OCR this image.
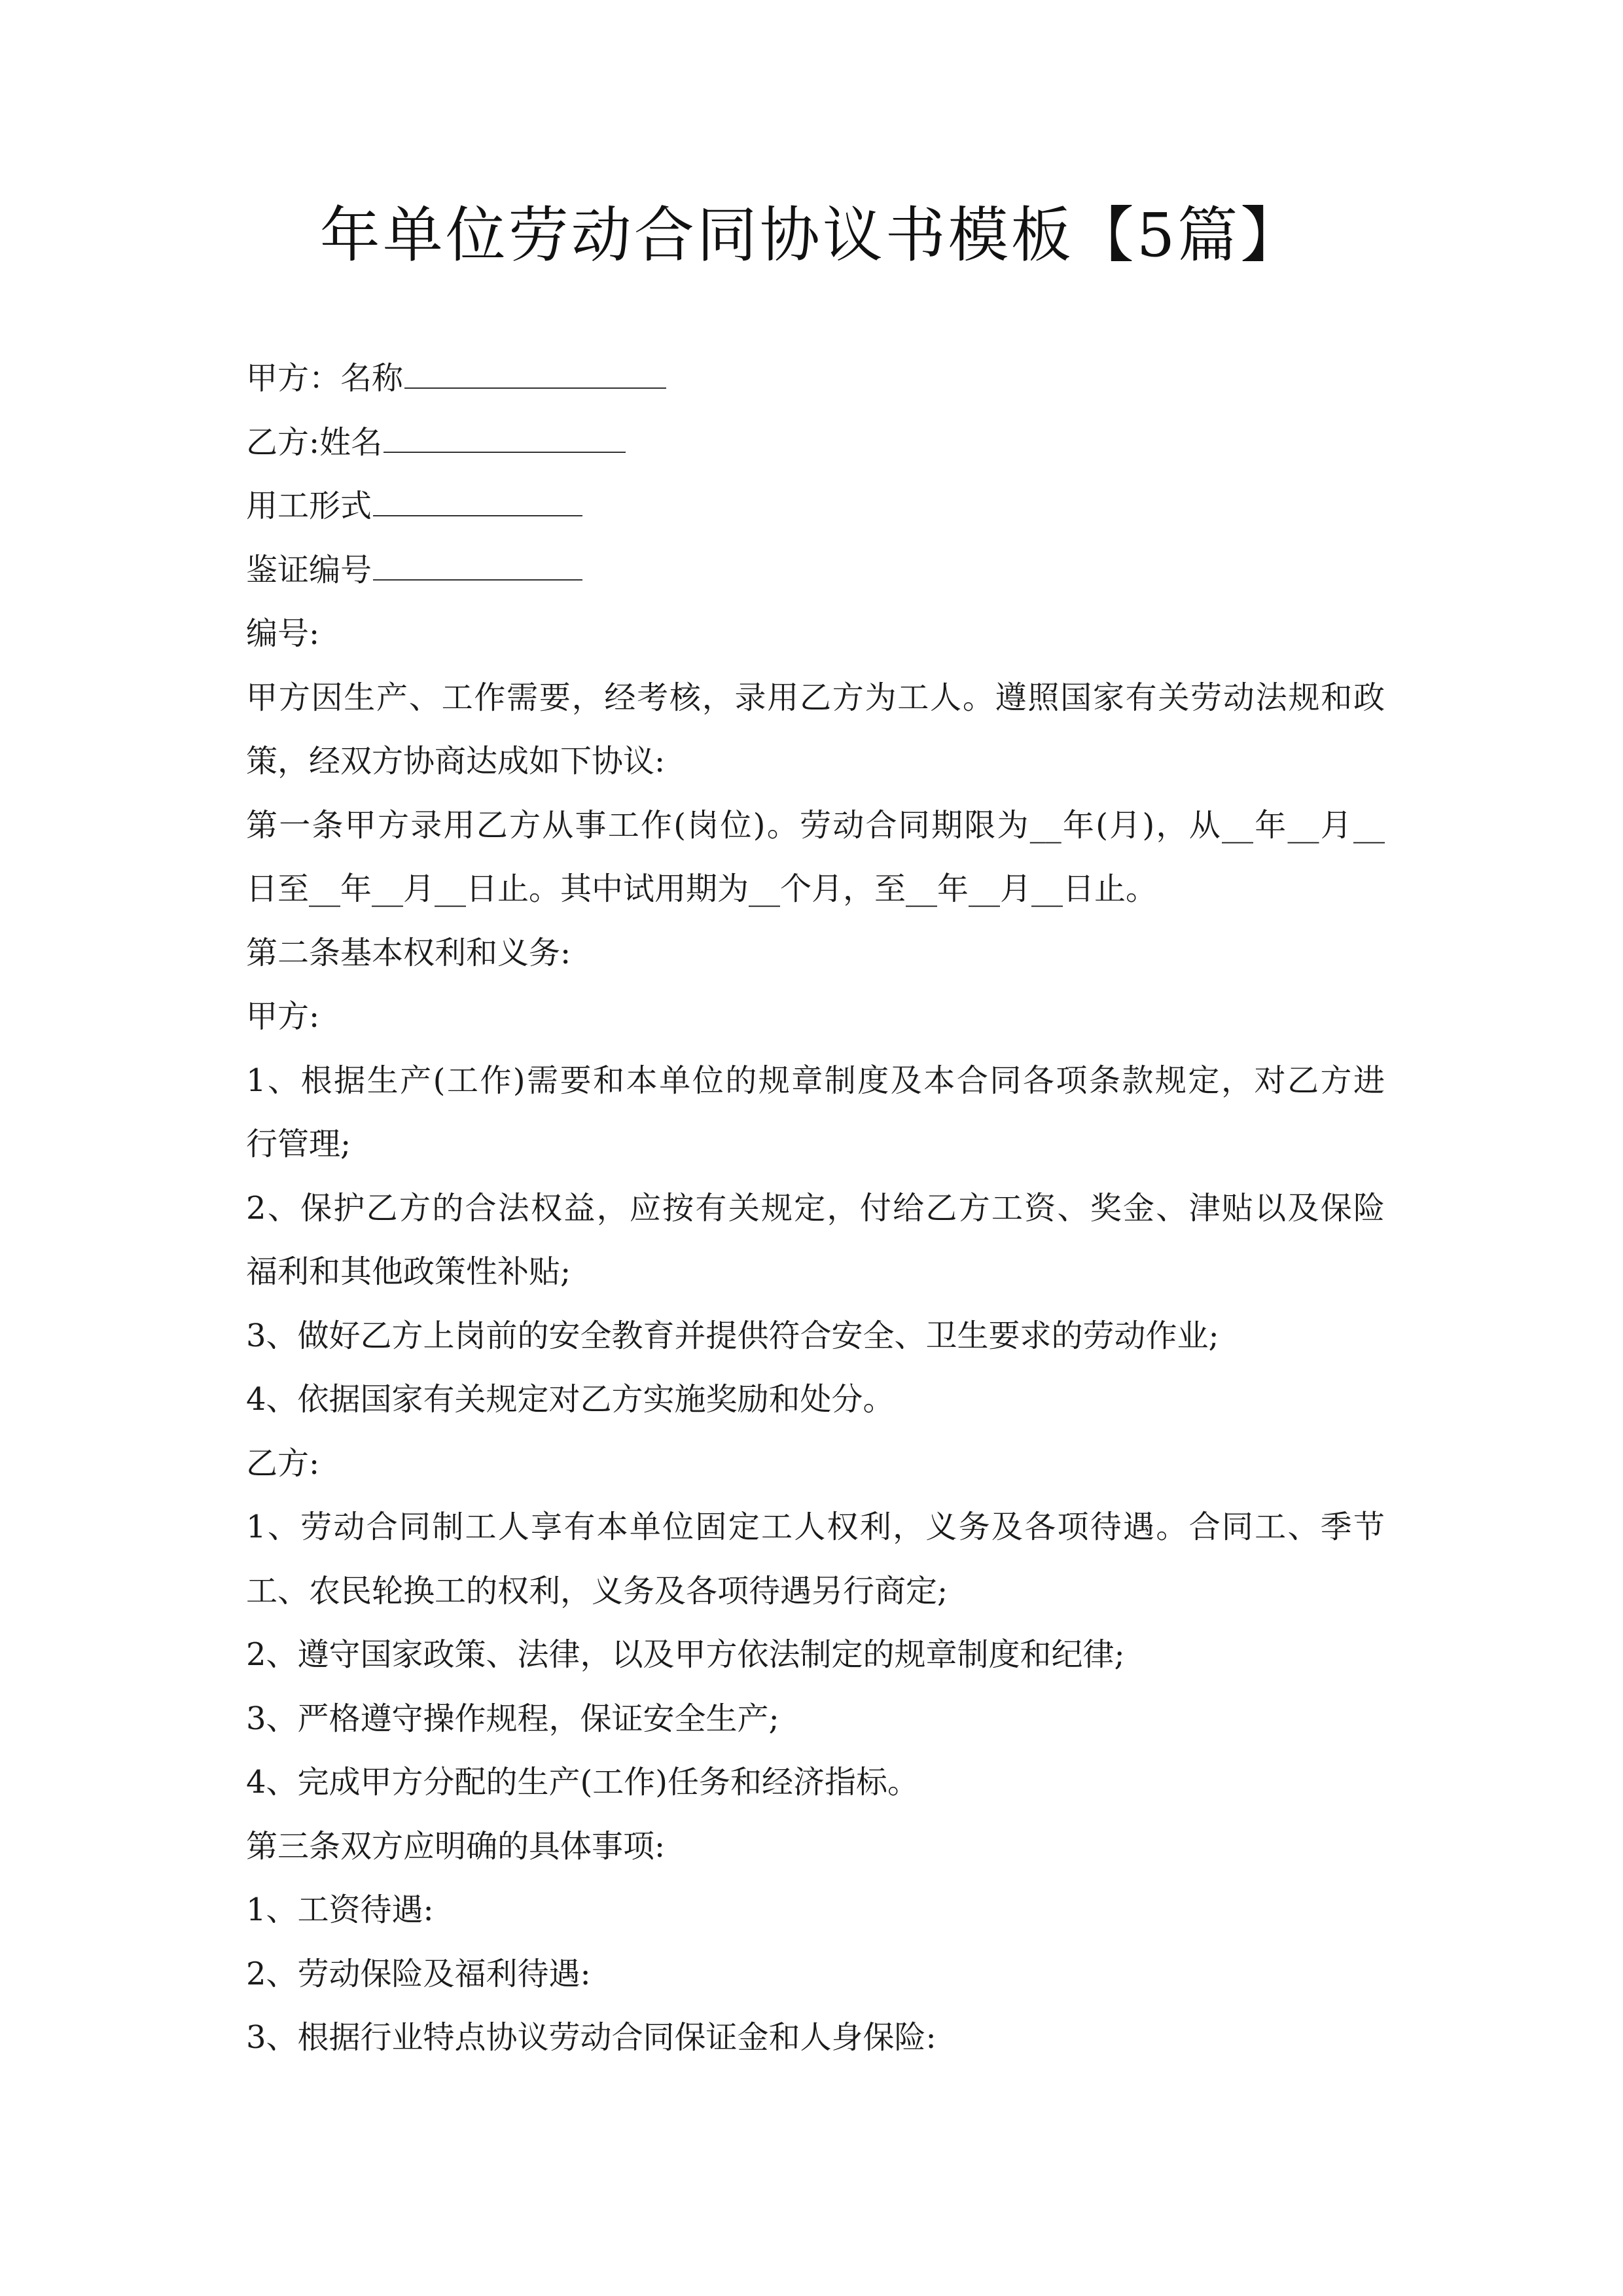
年单位劳动合同协议书模板【5篇】
甲方：名称
乙方:姓名
用工形式
鉴证编号
编号:
甲方因生产、工作需要，经考核，录用乙方为工人。遵照国家有关劳动法规和政
策，经双方协商达成如下协议:
第一条甲方录用乙方从事工作(岗位)。劳动合同期限为__年(月)，从__年__月__
日至__年__月__日止。其中试用期为__个月，至__年__月__日止。
第二条基本权利和义务:
甲方:
1、根据生产(工作)需要和本单位的规章制度及本合同各项条款规定，对乙方进
行管理;
2、保护乙方的合法权益，应按有关规定，付给乙方工资、奖金、津贴以及保险
福利和其他政策性补贴;
3、做好乙方上岗前的安全教育并提供符合安全、卫生要求的劳动作业;
4、依据国家有关规定对乙方实施奖励和处分。
乙方:
1、劳动合同制工人享有本单位固定工人权利，义务及各项待遇。合同工、季节
工、农民轮换工的权利，义务及各项待遇另行商定;
2、遵守国家政策、法律，以及甲方依法制定的规章制度和纪律;
3、严格遵守操作规程，保证安全生产;
4、完成甲方分配的生产(工作)任务和经济指标。
第三条双方应明确的具体事项:
1、工资待遇:
2、劳动保险及福利待遇:
3、根据行业特点协议劳动合同保证金和人身保险:
